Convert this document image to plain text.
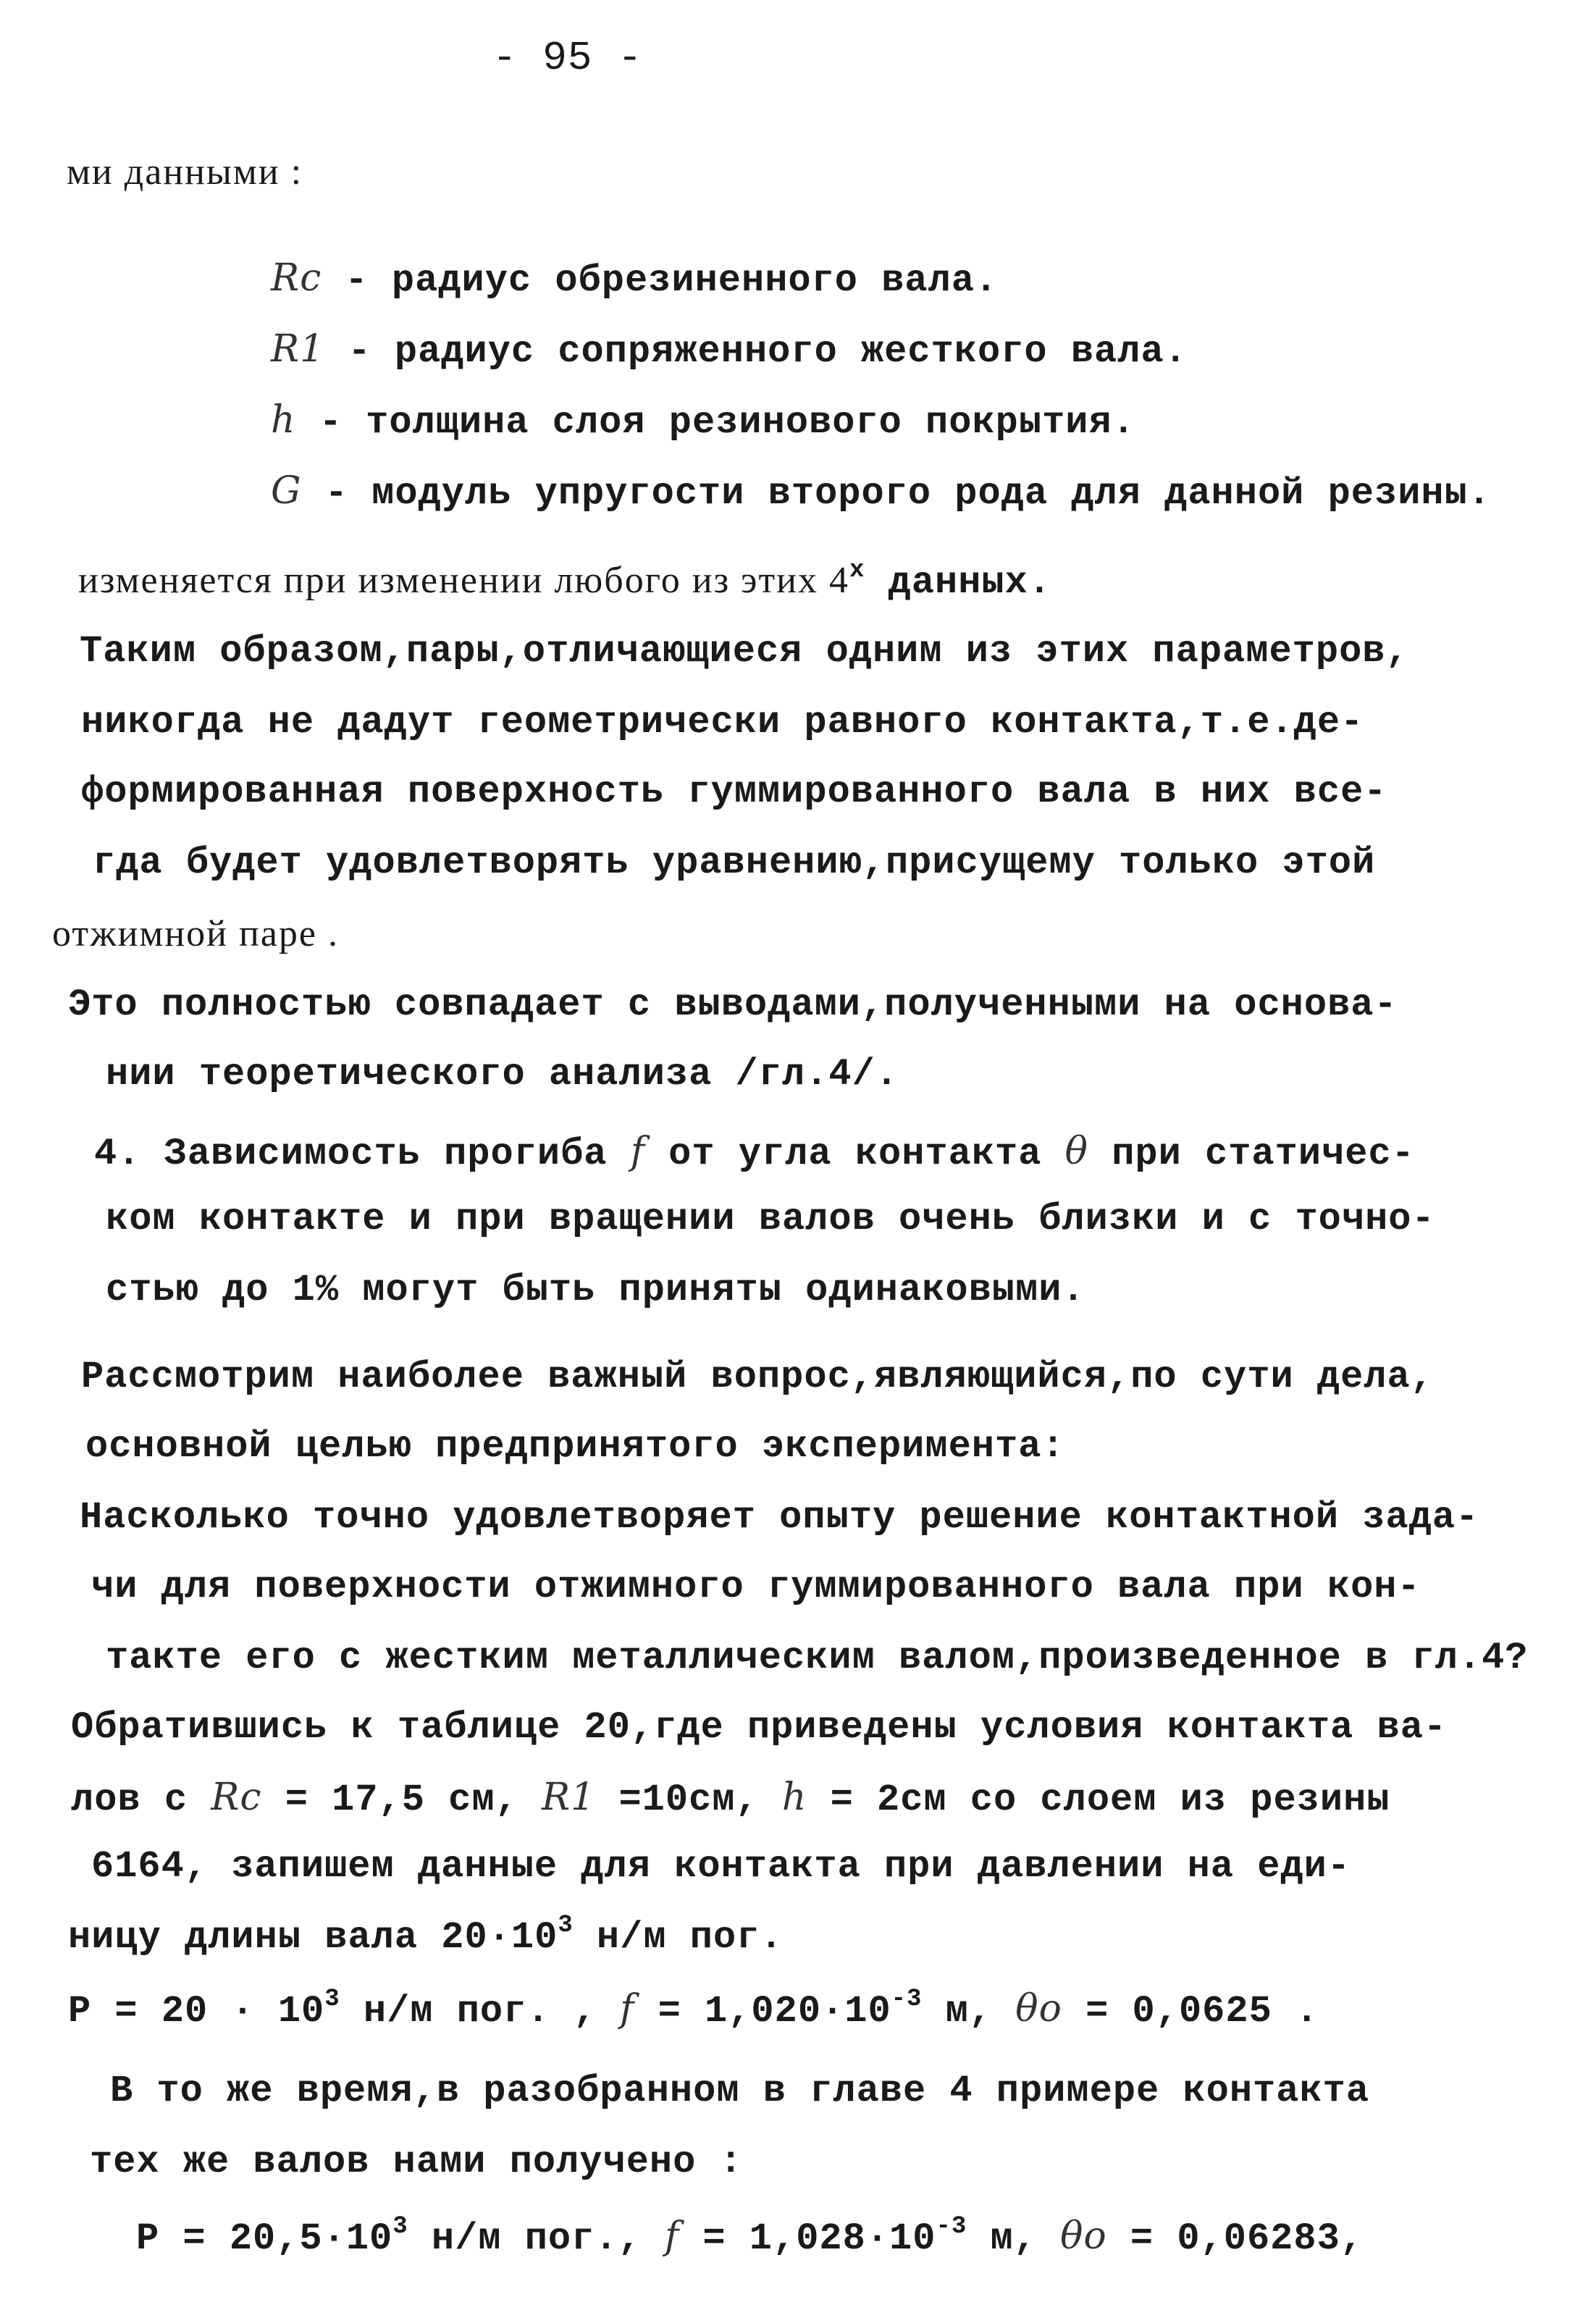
- 95 -
ми данными :
Rc - радиус обрезиненного вала.
R1 - радиус сопряженного жесткого вала.
h - толщина слоя резинового покрытия.
G - модуль упругости второго рода для данной резины.
изменяется при изменении любого из этих $4^х$ данных.
Таким образом,пары,отличающиеся одним из этих параметров,
никогда не дадут геометрически равного контакта,т.е.де-
формированная поверхность гуммированного вала в них все-
гда будет удовлетворять уравнению,присущему только этой
отжимной паре .
Это полностью совпадает с выводами,полученными на основа-
нии теоретического анализа /гл.4/.
4. Зависимость прогиба f от угла контакта θ при статичес-
ком контакте и при вращении валов очень близки и с точно-
стью до 1% могут быть приняты одинаковыми.
Рассмотрим наиболее важный вопрос,являющийся,по сути дела,
основной целью предпринятого эксперимента:
Насколько точно удовлетворяет опыту решение контактной зада-
чи для поверхности отжимного гуммированного вала при кон-
такте его с жестким металлическим валом,произведенное в гл.4?
Обратившись к таблице 20,где приведены условия контакта ва-
лов с Rc = 17,5 см, R1 =10см, h = 2см со слоем из резины
6164, запишем данные для контакта при давлении на еди-
ницу длины вала $20\cdot 10^3$ н/м пог.
$P = 20 \cdot 10^3$ н/м пог. , $f = 1,020\cdot 10^{-3}$ м, θо = 0,0625 .
В то же время,в разобранном в главе 4 примере контакта
тех же валов нами получено :
$P = 20,5\cdot 10^3$ н/м пог., $f = 1,028\cdot 10^{-3}$ м, θо = 0,06283,
